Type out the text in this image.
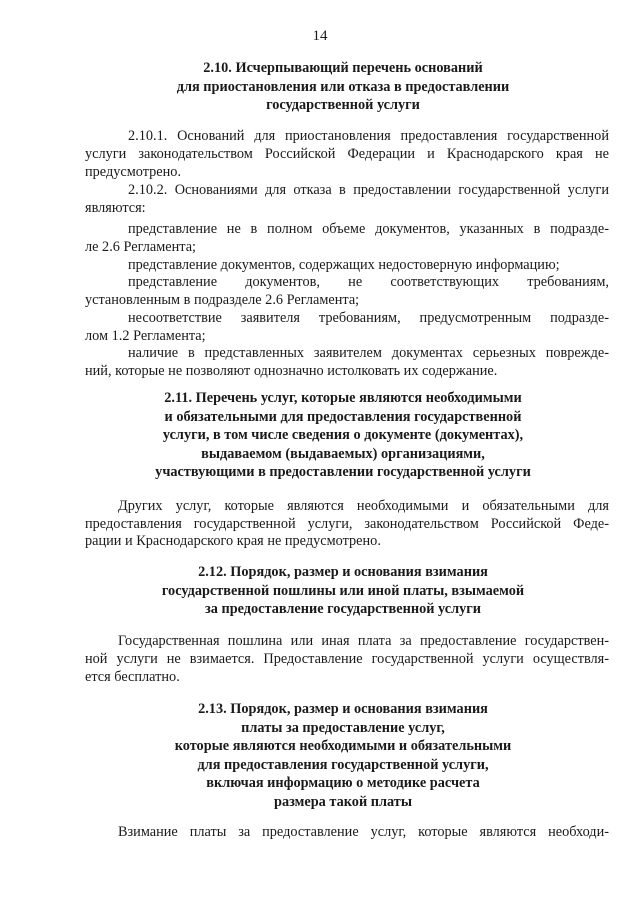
14
2.10. Исчерпывающий перечень оснований
для приостановления или отказа в предоставлении
государственной услуги
2.10.1. Оснований для приостановления предоставления государственной
услуги законодательством Российской Федерации и Краснодарского края не
предусмотрено.
2.10.2. Основаниями для отказа в предоставлении государственной услуги
являются:
представление не в полном объеме документов, указанных в подразде-
ле 2.6 Регламента;
представление документов, содержащих недостоверную информацию;
представление документов, не соответствующих требованиям,
установленным в подразделе 2.6 Регламента;
несоответствие заявителя требованиям, предусмотренным подразде-
лом 1.2 Регламента;
наличие в представленных заявителем документах серьезных поврежде-
ний, которые не позволяют однозначно истолковать их содержание.
2.11. Перечень услуг, которые являются необходимыми
и обязательными для предоставления государственной
услуги, в том числе сведения о документе (документах),
выдаваемом (выдаваемых) организациями,
участвующими в предоставлении государственной услуги
Других услуг, которые являются необходимыми и обязательными для
предоставления государственной услуги, законодательством Российской Феде-
рации и Краснодарского края не предусмотрено.
2.12. Порядок, размер и основания взимания
государственной пошлины или иной платы, взымаемой
за предоставление государственной услуги
Государственная пошлина или иная плата за предоставление государствен-
ной услуги не взимается. Предоставление государственной услуги осуществля-
ется бесплатно.
2.13. Порядок, размер и основания взимания
платы за предоставление услуг,
которые являются необходимыми и обязательными
для предоставления государственной услуги,
включая информацию о методике расчета
размера такой платы
Взимание платы за предоставление услуг, которые являются необходи-
